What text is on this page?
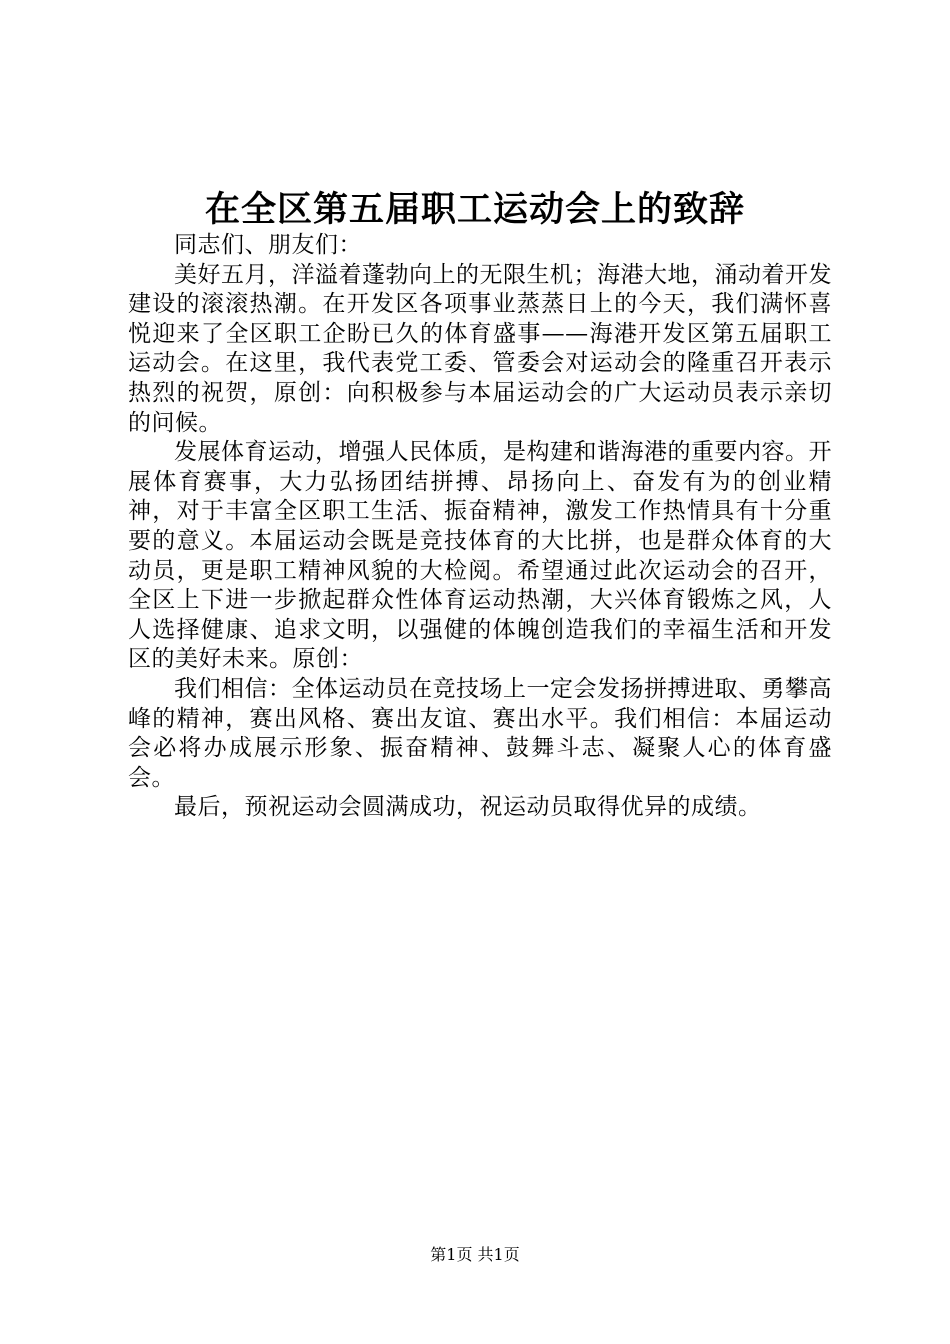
在全区第五届职工运动会上的致辞

同志们、朋友们：

美好五月，洋溢着蓬勃向上的无限生机；海港大地，涌动着开发建设的滚滚热潮。在开发区各项事业蒸蒸日上的今天，我们满怀喜悦迎来了全区职工企盼已久的体育盛事——海港开发区第五届职工运动会。在这里，我代表党工委、管委会对运动会的隆重召开表示热烈的祝贺，原创：向积极参与本届运动会的广大运动员表示亲切的问候。

发展体育运动，增强人民体质，是构建和谐海港的重要内容。开展体育赛事，大力弘扬团结拼搏、昂扬向上、奋发有为的创业精神，对于丰富全区职工生活、振奋精神，激发工作热情具有十分重要的意义。本届运动会既是竞技体育的大比拼，也是群众体育的大动员，更是职工精神风貌的大检阅。希望通过此次运动会的召开，全区上下进一步掀起群众性体育运动热潮，大兴体育锻炼之风，人人选择健康、追求文明，以强健的体魄创造我们的幸福生活和开发区的美好未来。原创：

我们相信：全体运动员在竞技场上一定会发扬拼搏进取、勇攀高峰的精神，赛出风格、赛出友谊、赛出水平。我们相信：本届运动会必将办成展示形象、振奋精神、鼓舞斗志、凝聚人心的体育盛会。

最后，预祝运动会圆满成功，祝运动员取得优异的成绩。

第1页 共1页
